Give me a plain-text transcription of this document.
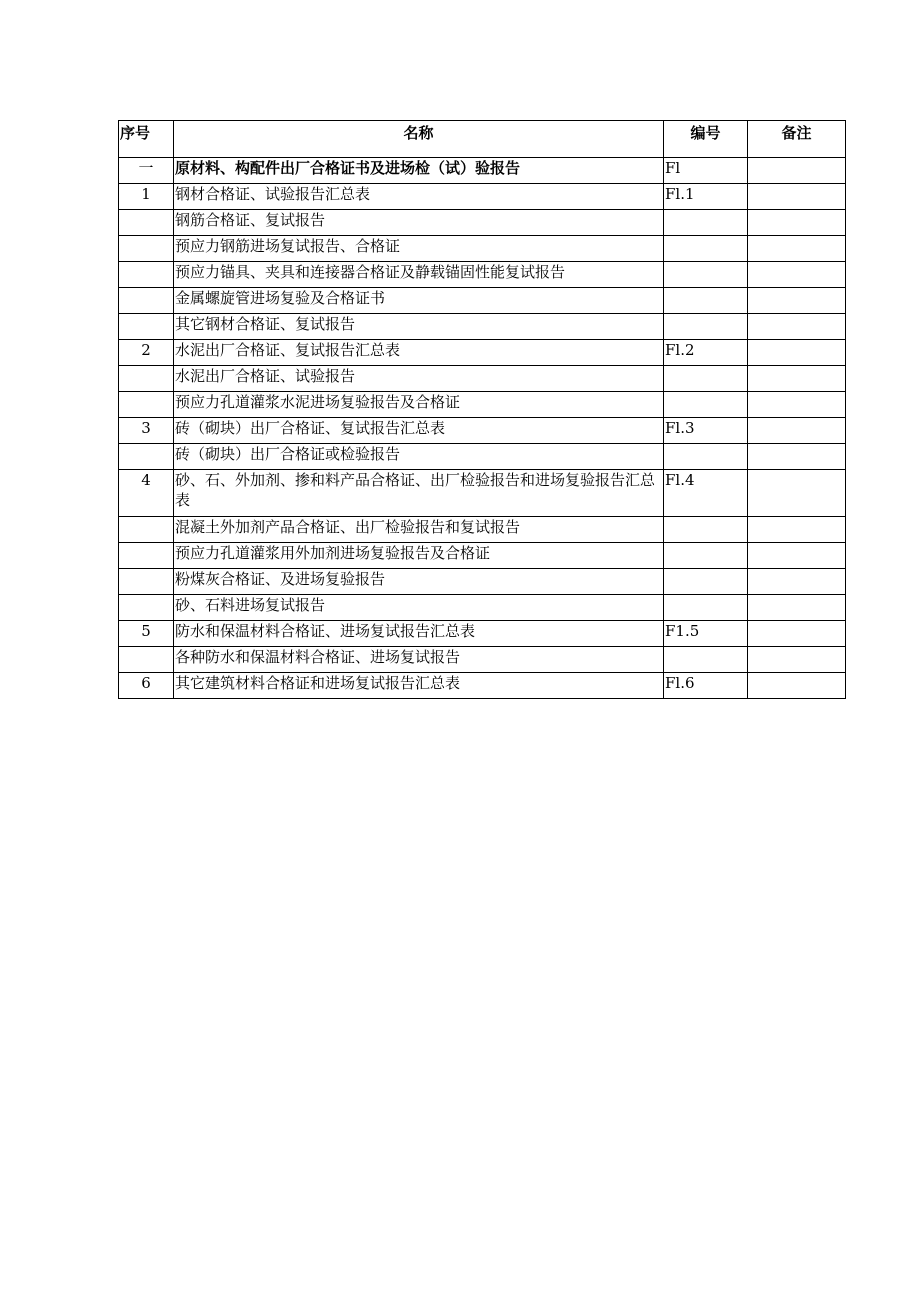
序号	名称	编号	备注
一	原材料、构配件出厂合格证书及进场检（试）验报告	Fl	
1	钢材合格证、试验报告汇总表	Fl.1	
	钢筋合格证、复试报告		
	预应力钢筋进场复试报告、合格证		
	预应力锚具、夹具和连接器合格证及静载锚固性能复试报告		
	金属螺旋管进场复验及合格证书		
	其它钢材合格证、复试报告		
2	水泥出厂合格证、复试报告汇总表	Fl.2	
	水泥出厂合格证、试验报告		
	预应力孔道灌浆水泥进场复验报告及合格证		
3	砖（砌块）出厂合格证、复试报告汇总表	Fl.3	
	砖（砌块）出厂合格证或检验报告		
4	砂、石、外加剂、掺和料产品合格证、出厂检验报告和进场复验报告汇总表	Fl.4	
	混凝土外加剂产品合格证、出厂检验报告和复试报告		
	预应力孔道灌浆用外加剂进场复验报告及合格证		
	粉煤灰合格证、及进场复验报告		
	砂、石料进场复试报告		
5	防水和保温材料合格证、进场复试报告汇总表	F1.5	
	各种防水和保温材料合格证、进场复试报告		
6	其它建筑材料合格证和进场复试报告汇总表	Fl.6	
